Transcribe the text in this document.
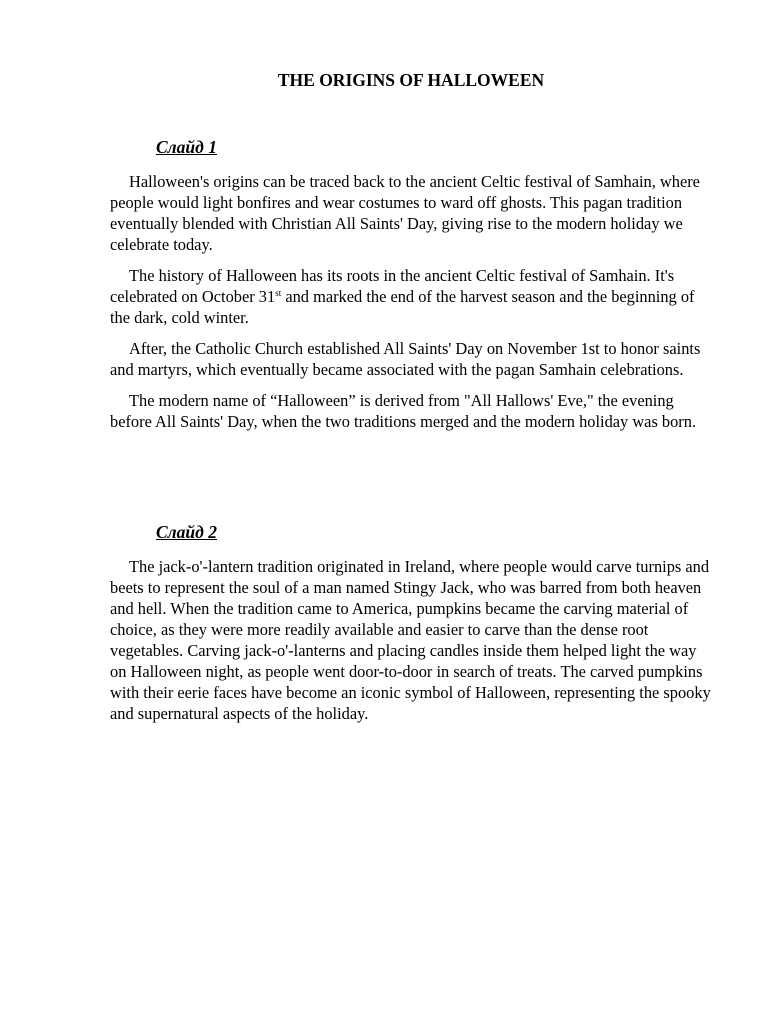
THE ORIGINS OF HALLOWEEN
Слайд 1

Halloween's origins can be traced back to the ancient Celtic festival of Samhain, where people would light bonfires and wear costumes to ward off ghosts. This pagan tradition eventually blended with Christian All Saints' Day, giving rise to the modern holiday we celebrate today.

The history of Halloween has its roots in the ancient Celtic festival of Samhain. It's celebrated on October 31st and marked the end of the harvest season and the beginning of the dark, cold winter.

After, the Catholic Church established All Saints' Day on November 1st to honor saints and martyrs, which eventually became associated with the pagan Samhain celebrations.

The modern name of “Halloween” is derived from "All Hallows' Eve," the evening before All Saints' Day, when the two traditions merged and the modern holiday was born.

Слайд 2

The jack-o'-lantern tradition originated in Ireland, where people would carve turnips and beets to represent the soul of a man named Stingy Jack, who was barred from both heaven and hell. When the tradition came to America, pumpkins became the carving material of choice, as they were more readily available and easier to carve than the dense root vegetables. Carving jack-o'-lanterns and placing candles inside them helped light the way on Halloween night, as people went door-to-door in search of treats. The carved pumpkins with their eerie faces have become an iconic symbol of Halloween, representing the spooky and supernatural aspects of the holiday.
